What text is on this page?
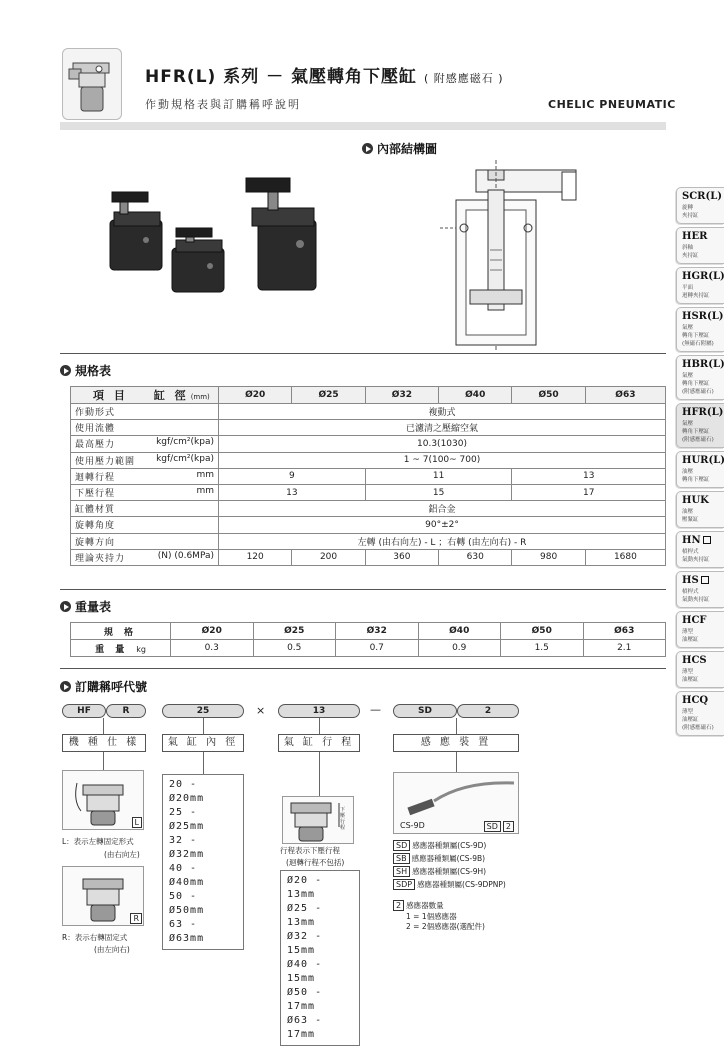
HFR(L) 系列 － 氣壓轉角下壓缸 ( 附感應磁石 )
作動規格表與訂購稱呼說明	CHELIC PNEUMATIC
內部結構圖
SCR(L)
旋轉
夾持缸
HER
斜軸
夾持缸
HGR(L)
平面
迴轉夾持缸
HSR(L)
氣壓
轉角下壓缸
(無磁石附屬)
HBR(L)
氣壓
轉角下壓缸
(附感應磁石)
HFR(L)
氣壓
轉角下壓缸
(附感應磁石)
HUR(L)
油壓
轉角下壓缸
HUK
油壓
壓緊缸
HN
槓桿式
氣動夾持缸
HS
槓桿式
氣動夾持缸
HCF
薄型
油壓缸
HCS
薄型
油壓缸
HCQ
薄型
油壓缸
(附感應磁石)
規格表
項 目 缸 徑 (mm)	Ø20	Ø25	Ø32	Ø40	Ø50	Ø63
作動形式	複動式					
使用流體	已濾清之壓縮空氣					
最高壓力 kgf/cm²(kpa)	10.3(1030)					
使用壓力範圍 kgf/cm²(kpa)	1 ~ 7(100~ 700)					
迴轉行程 mm	9		11		13	
下壓行程 mm	13		15		17	
缸體材質	鋁合金					
旋轉角度	90°±2°					
旋轉方向	左轉 (由右向左) - L ；右轉 (由左向右) - R					
理論夾持力 (N) (0.6MPa)	120	200	360	630	980	1680
重量表
規 格	Ø20	Ø25	Ø32	Ø40	Ø50	Ø63
重 量 kg	0.3	0.5	0.7	0.9	1.5	2.1
訂購稱呼代號
HF	R	25	×	13	—	SD	2
機 種 仕 樣	氣 缸 內 徑	氣 缸 行 程	感 應 裝 置
L
L：表示左轉固定形式
(由右向左)
R
R：表示右轉固定式
(由左向右)
20 - Ø20mm
25 - Ø25mm
32 - Ø32mm
40 - Ø40mm
50 - Ø50mm
63 - Ø63mm
下壓行程
行程表示下壓行程
(迴轉行程不包括)
Ø20 - 13mm
Ø25 - 13mm
Ø32 - 15mm
Ø40 - 15mm
Ø50 - 17mm
Ø63 - 17mm
CS-9D	SD 2
SD 感應器種類屬(CS-9D)
SB 感應器種類屬(CS-9B)
SH 感應器種類屬(CS-9H)
SDP 感應器種類屬(CS-9DPNP)
2 感應器數量
1 = 1個感應器
2 = 2個感應器(選配件)
